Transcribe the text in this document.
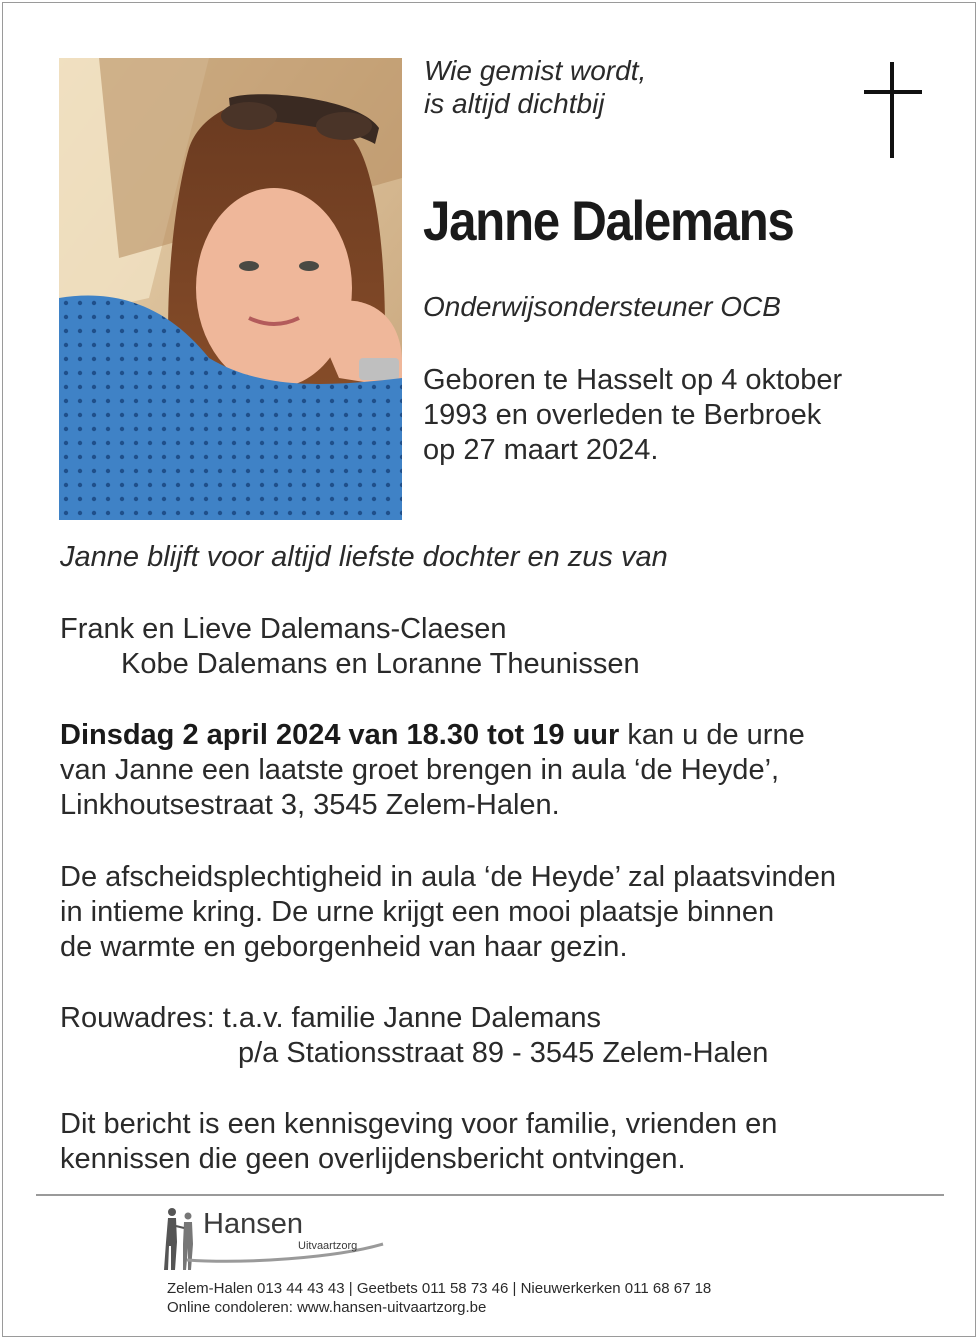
Wie gemist wordt,
is altijd dichtbij
Janne Dalemans
Onderwijsondersteuner OCB
Geboren te Hasselt op 4 oktober
1993 en overleden te Berbroek
op 27 maart 2024.
Janne blijft voor altijd liefste dochter en zus van
Frank en Lieve Dalemans-Claesen
Kobe Dalemans en Loranne Theunissen
Dinsdag 2 april 2024 van 18.30 tot 19 uur kan u de urne
van Janne een laatste groet brengen in aula ‘de Heyde’,
Linkhoutsestraat 3, 3545 Zelem-Halen.
De afscheidsplechtigheid in aula ‘de Heyde’ zal plaatsvinden
in intieme kring. De urne krijgt een mooi plaatsje binnen
de warmte en geborgenheid van haar gezin.
Rouwadres: t.a.v. familie Janne Dalemans
p/a Stationsstraat 89 - 3545 Zelem-Halen
Dit bericht is een kennisgeving voor familie, vrienden en
kennissen die geen overlijdensbericht ontvingen.
Hansen
Uitvaartzorg
Zelem-Halen 013 44 43 43 | Geetbets 011 58 73 46 | Nieuwerkerken 011 68 67 18
Online condoleren: www.hansen-uitvaartzorg.be
